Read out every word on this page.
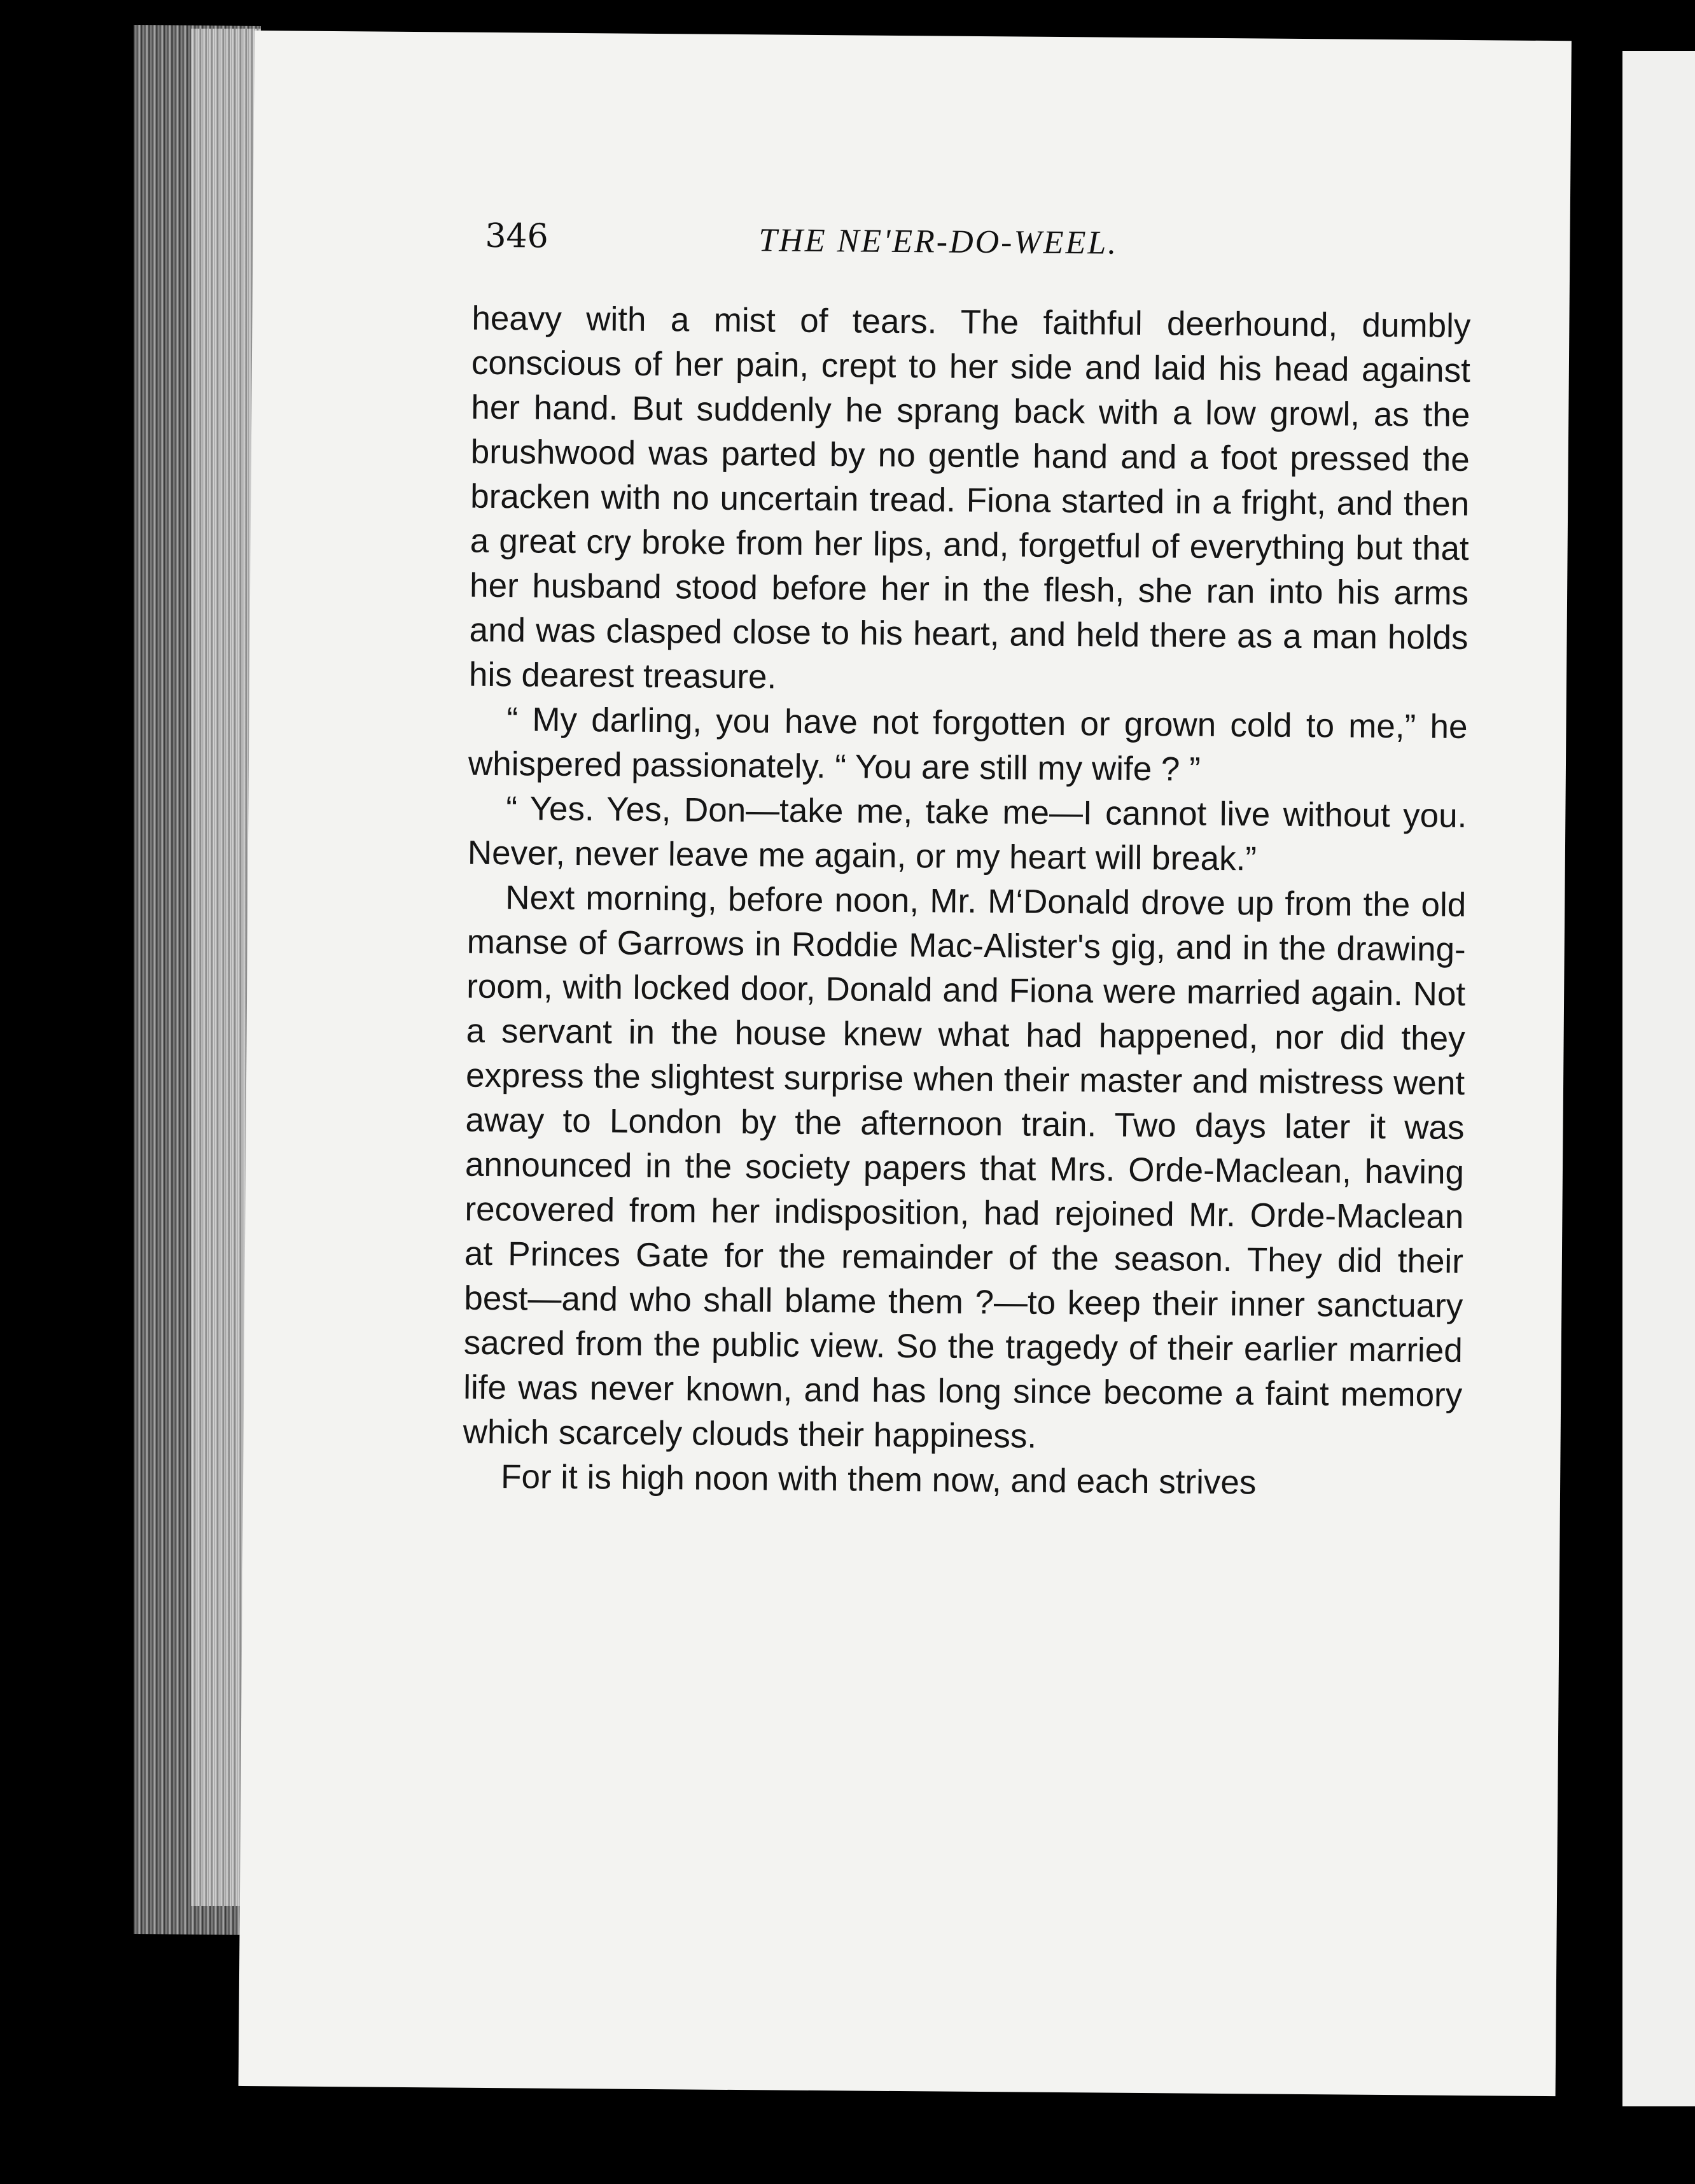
346	THE NE'ER-DO-WEEL.

heavy with a mist of tears. The faithful deerhound, dumbly conscious of her pain, crept to her side and laid his head against her hand. But suddenly he sprang back with a low growl, as the brushwood was parted by no gentle hand and a foot pressed the bracken with no uncertain tread. Fiona started in a fright, and then a great cry broke from her lips, and, forgetful of everything but that her husband stood before her in the flesh, she ran into his arms and was clasped close to his heart, and held there as a man holds his dearest treasure.

“ My darling, you have not forgotten or grown cold to me,” he whispered passionately. “ You are still my wife ? ”

“ Yes. Yes, Don—take me, take me—I cannot live without you. Never, never leave me again, or my heart will break.”

Next morning, before noon, Mr. M‘Donald drove up from the old manse of Garrows in Roddie Mac-Alister's gig, and in the drawing-room, with locked door, Donald and Fiona were married again. Not a servant in the house knew what had happened, nor did they express the slightest surprise when their master and mistress went away to London by the afternoon train. Two days later it was announced in the society papers that Mrs. Orde-Maclean, having recovered from her indisposition, had rejoined Mr. Orde-Maclean at Princes Gate for the remainder of the season. They did their best—and who shall blame them ?—to keep their inner sanctuary sacred from the public view. So the tragedy of their earlier married life was never known, and has long since become a faint memory which scarcely clouds their happiness.

For it is high noon with them now, and each strives
